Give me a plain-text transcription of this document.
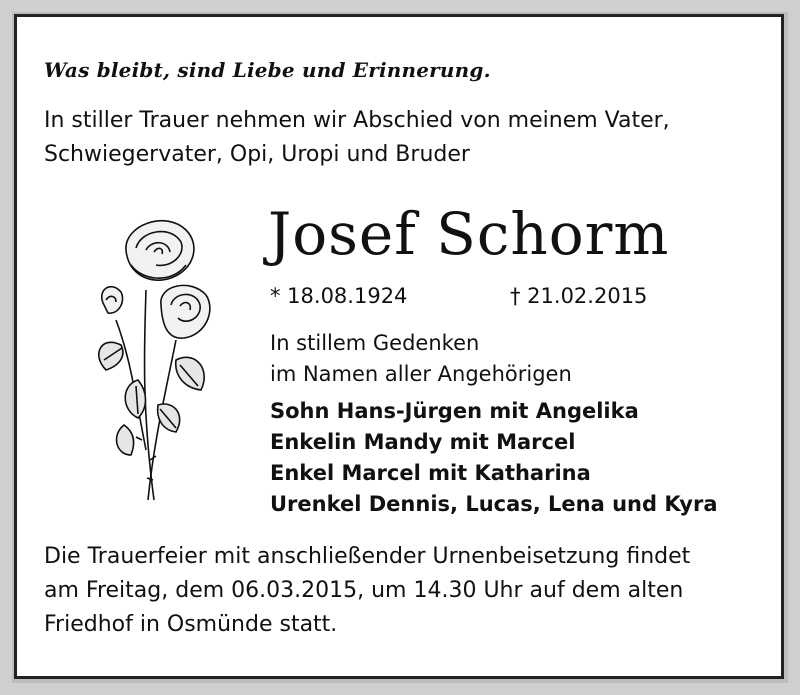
Was bleibt, sind Liebe und Erinnerung.
In stiller Trauer nehmen wir Abschied von meinem Vater,
Schwiegervater, Opi, Uropi und Bruder
Josef Schorm
* 18.08.1924	† 21.02.2015
In stillem Gedenken
im Namen aller Angehörigen
Sohn Hans-Jürgen mit Angelika
Enkelin Mandy mit Marcel
Enkel Marcel mit Katharina
Urenkel Dennis, Lucas, Lena und Kyra
Die Trauerfeier mit anschließender Urnenbeisetzung findet
am Freitag, dem 06.03.2015, um 14.30 Uhr auf dem alten
Friedhof in Osmünde statt.
